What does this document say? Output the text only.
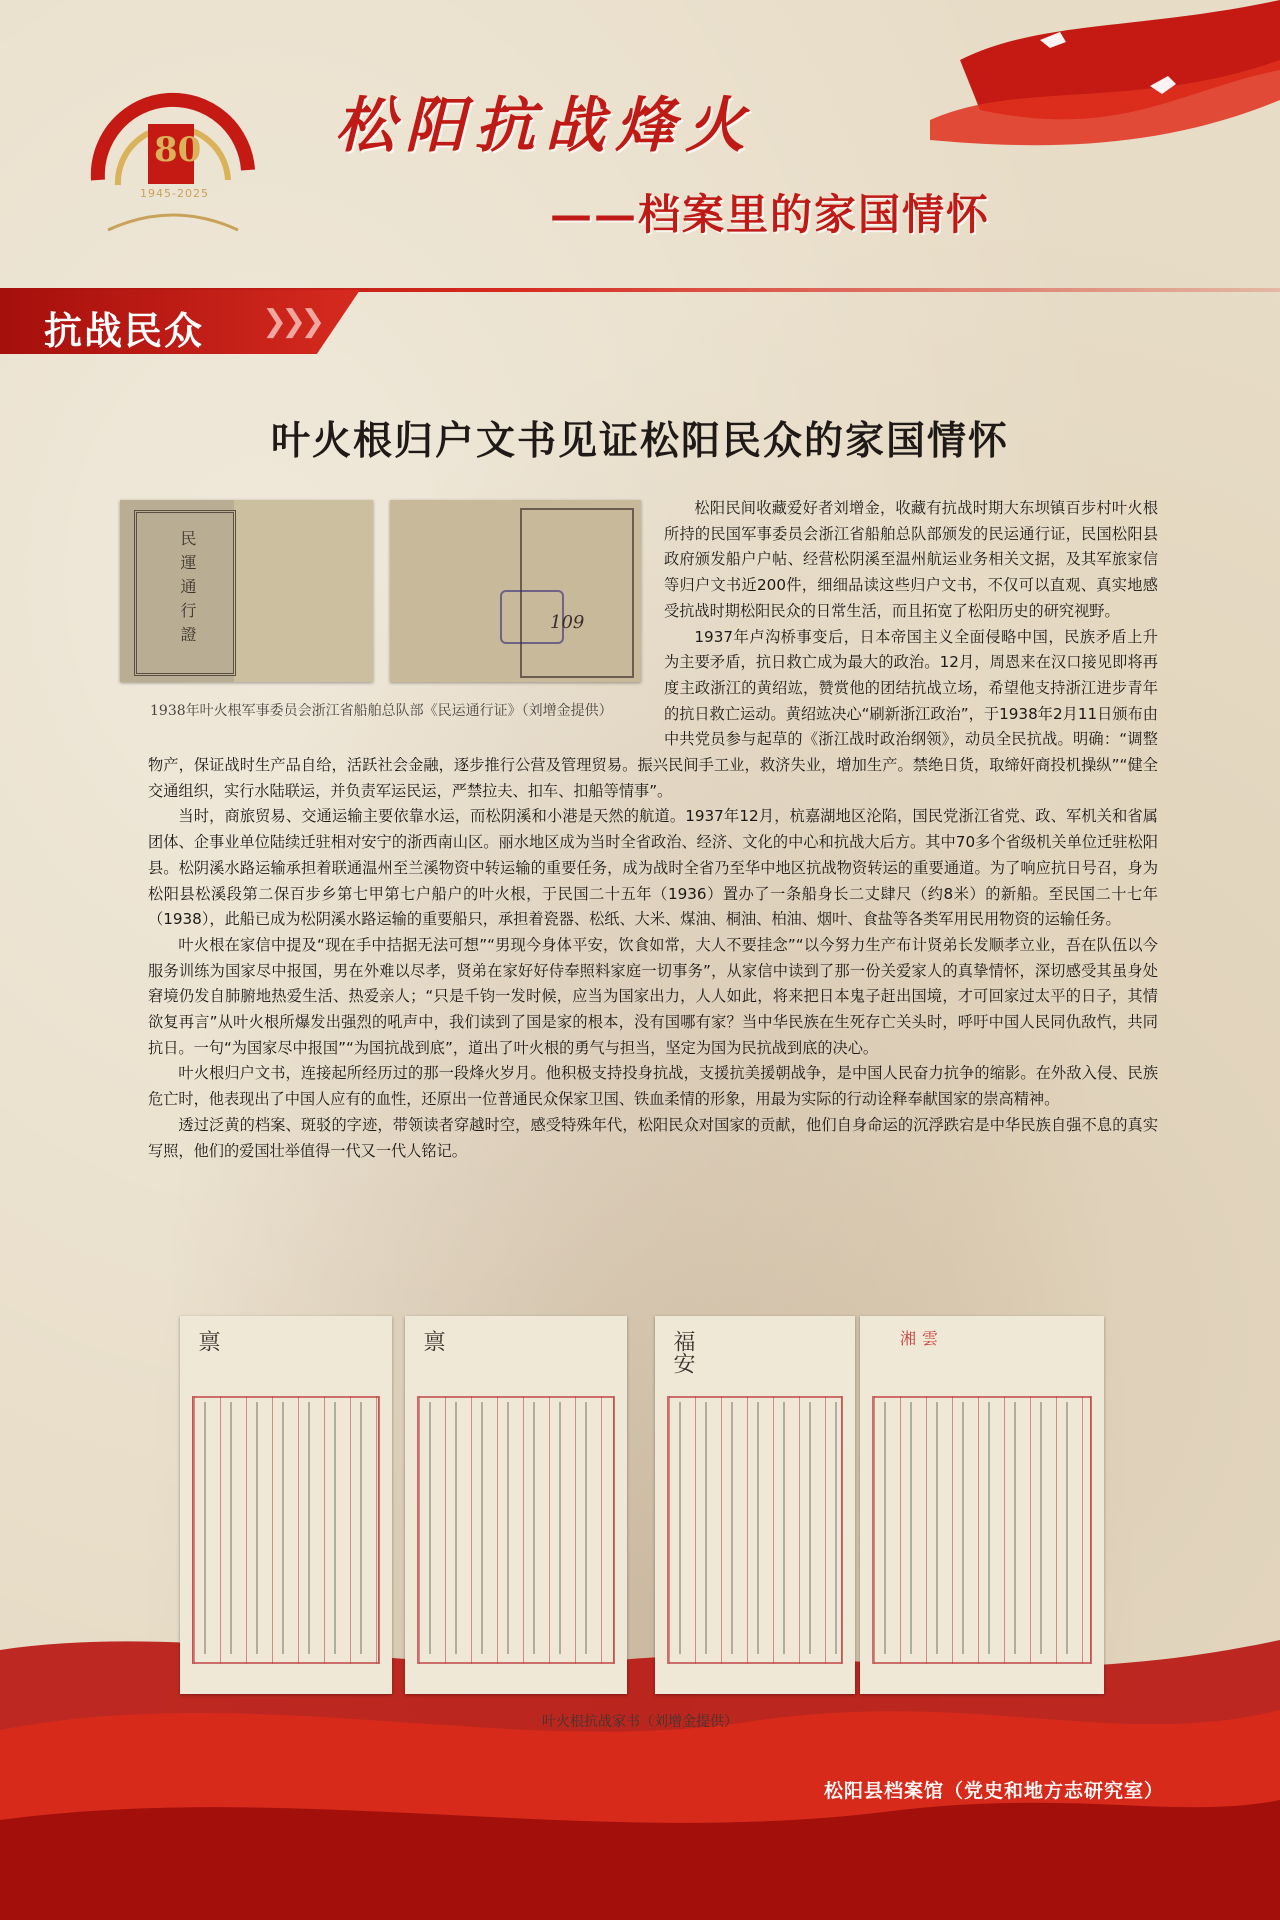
80
1945-2025
松阳抗战烽火
——档案里的家国情怀
抗战民众 ❯❯❯
叶火根归户文书见证松阳民众的家国情怀
民運通行證	109
1938年叶火根军事委员会浙江省船舶总队部《民运通行证》（刘增金提供）

松阳民间收藏爱好者刘增金，收藏有抗战时期大东坝镇百步村叶火根所持的民国军事委员会浙江省船舶总队部颁发的民运通行证，民国松阳县政府颁发船户户帖、经营松阴溪至温州航运业务相关文据，及其军旅家信等归户文书近200件，细细品读这些归户文书，不仅可以直观、真实地感受抗战时期松阳民众的日常生活，而且拓宽了松阳历史的研究视野。

1937年卢沟桥事变后，日本帝国主义全面侵略中国，民族矛盾上升为主要矛盾，抗日救亡成为最大的政治。12月，周恩来在汉口接见即将再度主政浙江的黄绍竑，赞赏他的团结抗战立场，希望他支持浙江进步青年的抗日救亡运动。黄绍竑决心“刷新浙江政治”，于1938年2月11日颁布由中共党员参与起草的《浙江战时政治纲领》，动员全民抗战。明确：“调整物产，保证战时生产品自给，活跃社会金融，逐步推行公营及管理贸易。振兴民间手工业，救济失业，增加生产。禁绝日货，取缔奸商投机操纵”“健全交通组织，实行水陆联运，并负责军运民运，严禁拉夫、扣车、扣船等情事”。

当时，商旅贸易、交通运输主要依靠水运，而松阴溪和小港是天然的航道。1937年12月，杭嘉湖地区沦陷，国民党浙江省党、政、军机关和省属团体、企事业单位陆续迁驻相对安宁的浙西南山区。丽水地区成为当时全省政治、经济、文化的中心和抗战大后方。其中70多个省级机关单位迁驻松阳县。松阴溪水路运输承担着联通温州至兰溪物资中转运输的重要任务，成为战时全省乃至华中地区抗战物资转运的重要通道。为了响应抗日号召，身为松阳县松溪段第二保百步乡第七甲第七户船户的叶火根，于民国二十五年（1936）置办了一条船身长二丈肆尺（约8米）的新船。至民国二十七年（1938），此船已成为松阴溪水路运输的重要船只，承担着瓷器、松纸、大米、煤油、桐油、柏油、烟叶、食盐等各类军用民用物资的运输任务。

叶火根在家信中提及“现在手中拮据无法可想”“男现今身体平安，饮食如常，大人不要挂念”“以今努力生产布计贤弟长发顺孝立业，吾在队伍以今服务训练为国家尽中报国，男在外难以尽孝，贤弟在家好好侍奉照料家庭一切事务”，从家信中读到了那一份关爱家人的真挚情怀，深切感受其虽身处窘境仍发自肺腑地热爱生活、热爱亲人；“只是千钧一发时候，应当为国家出力，人人如此，将来把日本鬼子赶出国境，才可回家过太平的日子，其情欲复再言”从叶火根所爆发出强烈的吼声中，我们读到了国是家的根本，没有国哪有家？当中华民族在生死存亡关头时，呼吁中国人民同仇敌忾，共同抗日。一句“为国家尽中报国”“为国抗战到底”，道出了叶火根的勇气与担当，坚定为国为民抗战到底的决心。

叶火根归户文书，连接起所经历过的那一段烽火岁月。他积极支持投身抗战，支援抗美援朝战争，是中国人民奋力抗争的缩影。在外敌入侵、民族危亡时，他表现出了中国人应有的血性，还原出一位普通民众保家卫国、铁血柔情的形象，用最为实际的行动诠释奉献国家的崇高精神。

透过泛黄的档案、斑驳的字迹，带领读者穿越时空，感受特殊年代，松阳民众对国家的贡献，他们自身命运的沉浮跌宕是中华民族自强不息的真实写照，他们的爱国壮举值得一代又一代人铭记。

禀	禀	福安	湘雲
叶火根抗战家书（刘增金提供）
松阳县档案馆（党史和地方志研究室）
